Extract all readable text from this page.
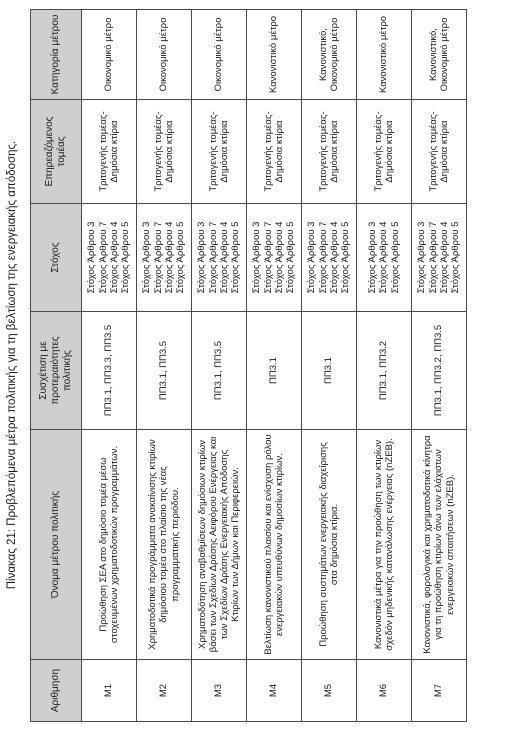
Πίνακας 21: Προβλεπόμενα μέτρα πολιτικής για τη βελτίωση της ενεργειακής απόδοσης.
Αριθμηση	Όνομα μέτρου πολιτικής	Συσχέτιση με προτεραιότητες πολιτικής	Στόχος	Επηρεαζόμενος τομέας	Κατηγορία μέτρου
Μ1	Προώθηση ΣΕΑ στο δημόσιο τομέα μέσω στοχευμένων χρηματοδοτικών προγραμμάτων.	ΠΠ3.1, ΠΠ3.3, ΠΠ3.5	Στόχος Άρθρου 3 Στόχος Άρθρου 7 Στόχος Άρθρου 4 Στόχος Άρθρου 5	Τριτογενής τομέας-Δημόσια κτίρια	Οικονομικό μέτρο
Μ2	Χρηματοδοτικά προγράμματα ανακαίνισης κτιρίων δημόσιου τομέα στο πλαίσιο της νέας προγραμματικής περιόδου.	ΠΠ3.1, ΠΠ3.5	Στόχος Άρθρου 3 Στόχος Άρθρου 7 Στόχος Άρθρου 4 Στόχος Άρθρου 5	Τριτογενής τομέας-Δημόσια κτίρια	Οικονομικό μέτρο
Μ3	Χρηματοδότηση αναβαθμίσεων δημόσιων κτιρίων βάσει των Σχεδίων Δράσης Αειφόρου Ενέργειας και των Σχεδίων Δράσης Ενεργειακής Απόδοσης Κτιρίων των Δήμων και Περιφερειών.	ΠΠ3.1, ΠΠ3.5	Στόχος Άρθρου 3 Στόχος Άρθρου 7 Στόχος Άρθρου 4 Στόχος Άρθρου 5	Τριτογενής τομέας-Δημόσια κτίρια	Οικονομικό μέτρο
Μ4	Βελτίωση κανονιστικού πλαισίου και ενίσχυση ρόλου ενεργειακών υπευθύνων δημοσίων κτιρίων.	ΠΠ3.1	Στόχος Άρθρου 3 Στόχος Άρθρου 7 Στόχος Άρθρου 4 Στόχος Άρθρου 5	Τριτογενής τομέας-Δημόσια κτίρια	Κανονιστικό μέτρο
Μ5	Προώθηση συστημάτων ενεργειακής διαχείρισης στα δημόσια κτίρια.	ΠΠ3.1	Στόχος Άρθρου 3 Στόχος Άρθρου 7 Στόχος Άρθρου 4 Στόχος Άρθρου 5	Τριτογενής τομέας-Δημόσια κτίρια	Κανονιστικό, Οικονομικό μέτρο
Μ6	Κανονιστικά μέτρα για την προώθηση των κτιρίων σχεδόν μηδενικής κατανάλωσης ενέργειας (nZEB).	ΠΠ3.1, ΠΠ3.2	Στόχος Άρθρου 3 Στόχος Άρθρου 4 Στόχος Άρθρου 5	Τριτογενής τομέας-Δημόσια κτίρια	Κανονιστικό μέτρο
Μ7	Κανονιστικά, φορολογικά και χρηματοδοτικά κίνητρα για τη προώθηση κτιρίων άνω των ελάχιστων ενεργειακών απαιτήσεων (nZEB).	ΠΠ3.1, ΠΠ3.2, ΠΠ3.5	Στόχος Άρθρου 3 Στόχος Άρθρου 7 Στόχος Άρθρου 4 Στόχος Άρθρου 5	Τριτογενής τομέας-Δημόσια κτίρια	Κανονιστικό, Οικονομικό μέτρο
